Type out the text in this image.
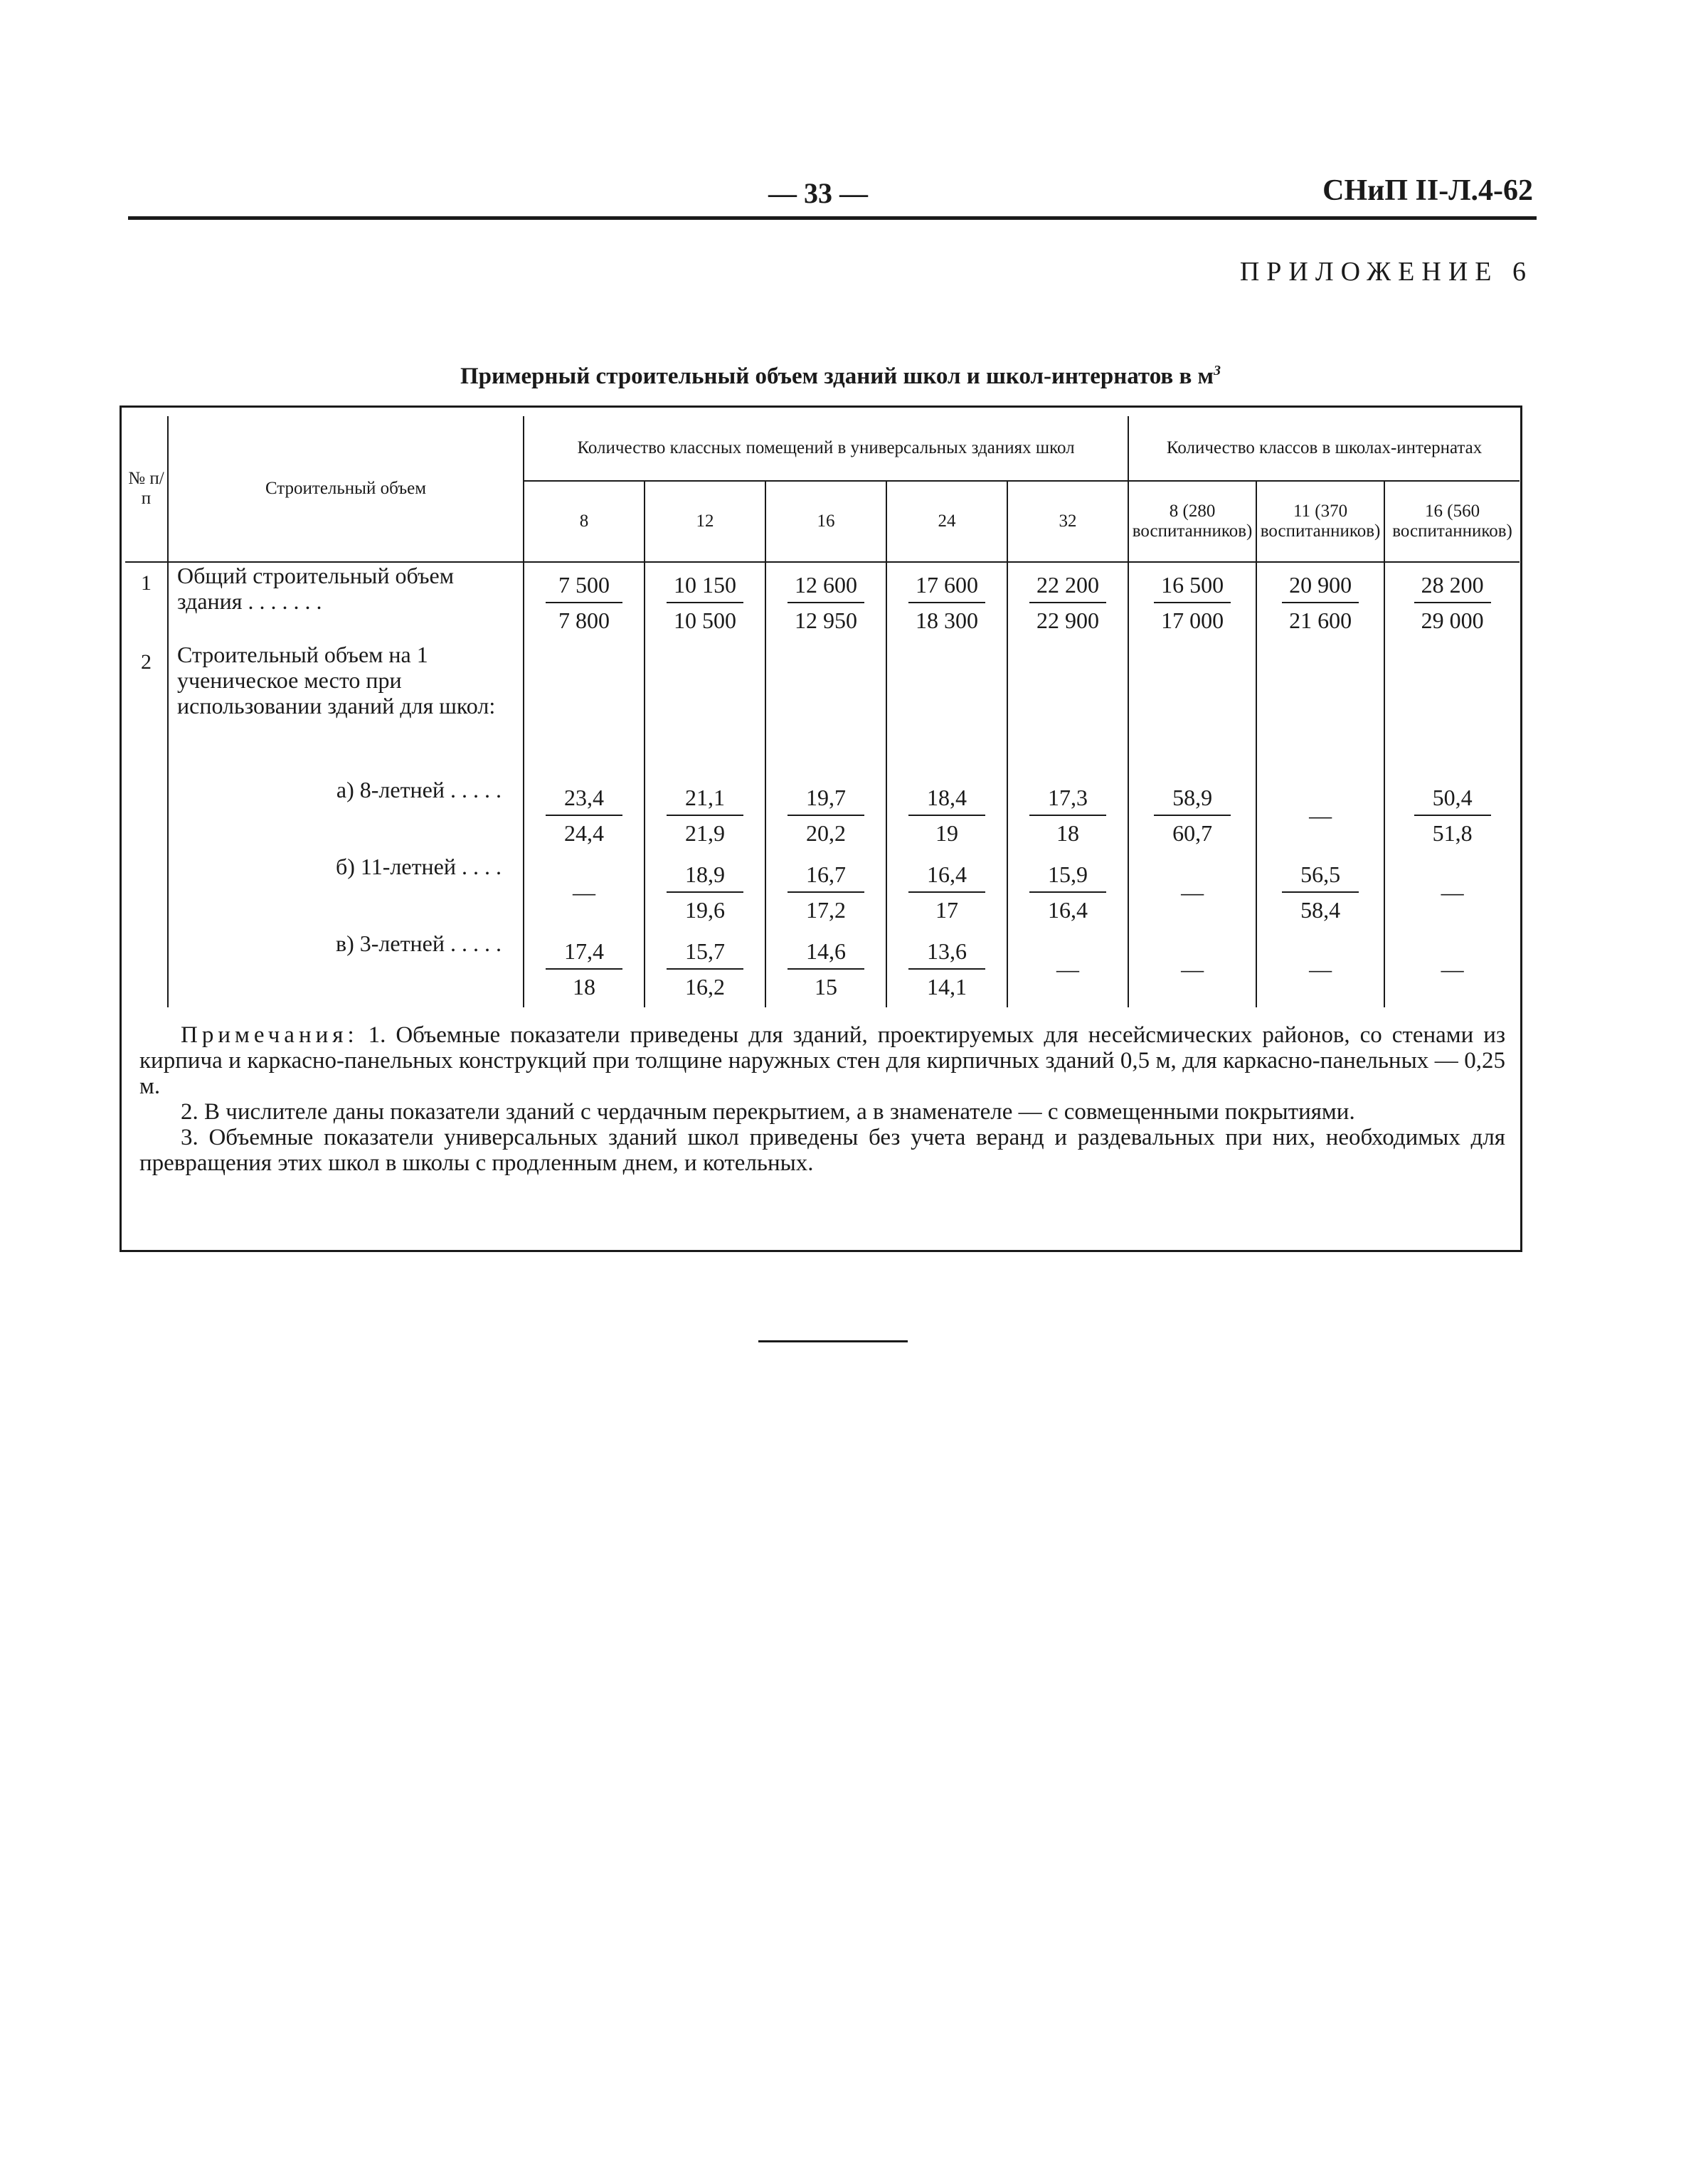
— 33 —	СНиП II-Л.4-62
ПРИЛОЖЕНИЕ 6
Примерный строительный объем зданий школ и школ-интернатов в $м^3$
№ п/п	Строительный объем	Количество классных помещений в универсальных зданиях школ					Количество классов в школах-интернатах		
		8	12	16	24	32	8 (280 воспитанников)	11 (370 воспитанников)	16 (560 воспитанников)
1	Общий строительный объем здания . . . . . . .	$\frac{7 500}{7 800}$	$\frac{10 150}{10 500}$	$\frac{12 600}{12 950}$	$\frac{17 600}{18 300}$	$\frac{22 200}{22 900}$	$\frac{16 500}{17 000}$	$\frac{20 900}{21 600}$	$\frac{28 200}{29 000}$

2	Строительный объем на 1 ученическое место при использовании зданий для школ:								
	а) 8-летней . . . . .	$\frac{23,4}{24,4}$	$\frac{21,1}{21,9}$	$\frac{19,7}{20,2}$	$\frac{18,4}{19}$	$\frac{17,3}{18}$	$\frac{58,9}{60,7}$	—	$\frac{50,4}{51,8}$

	б) 11-летней . . . .	—	$\frac{18,9}{19,6}$	$\frac{16,7}{17,2}$	$\frac{16,4}{17}$	$\frac{15,9}{16,4}$	—	$\frac{56,5}{58,4}$	—
	в) 3-летней . . . . .	$\frac{17,4}{18}$	$\frac{15,7}{16,2}$	$\frac{14,6}{15}$	$\frac{13,6}{14,1}$	—	—	—	—

Примечания: 1. Объемные показатели приведены для зданий, проектируемых для несейсмических районов, со стенами из кирпича и каркасно-панельных конструкций при толщине наружных стен для кирпичных зданий 0,5 м, для каркасно-панельных — 0,25 м.

2. В числителе даны показатели зданий с чердачным перекрытием, а в знаменателе — с совмещенными покрытиями.

3. Объемные показатели универсальных зданий школ приведены без учета веранд и раздевальных при них, необходимых для превращения этих школ в школы с продленным днем, и котельных.
